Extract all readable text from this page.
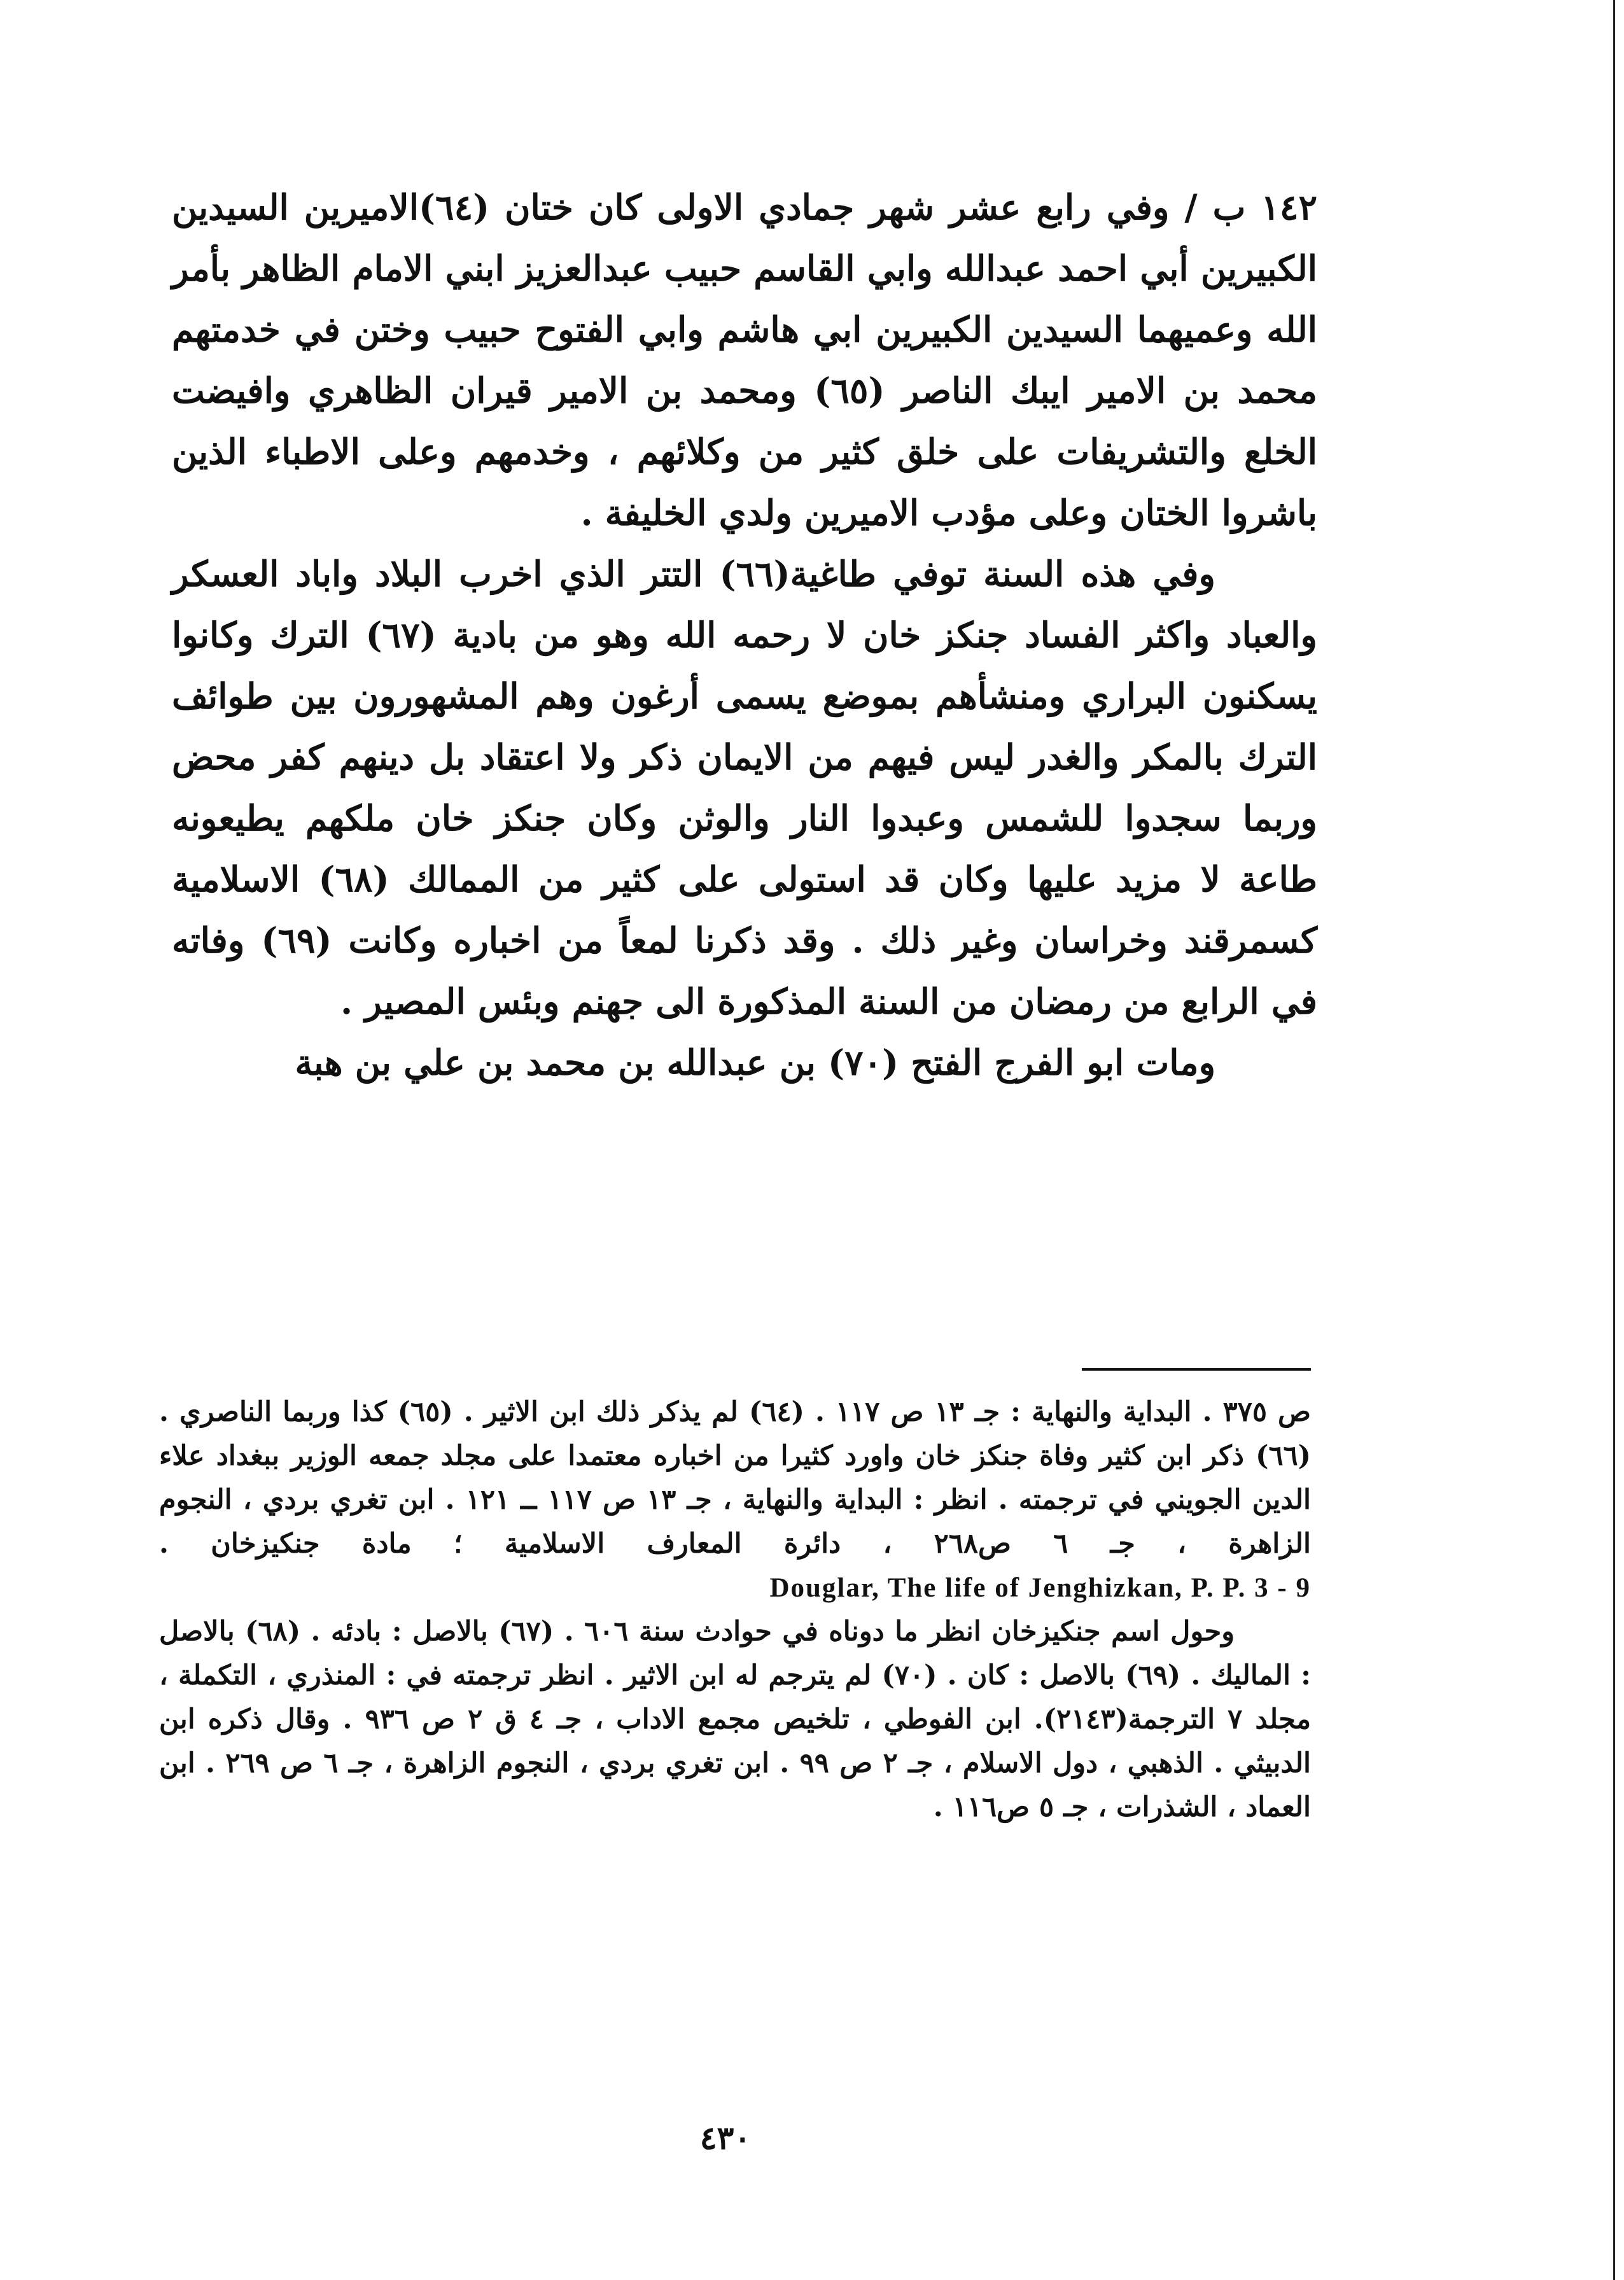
١٤٢ ب / وفي رابع عشر شهر جمادي الاولى كان ختان (٦٤)الاميرين السيدين الكبيرين أبي احمد عبدالله وابي القاسم حبيب عبدالعزيز ابني الامام الظاهر بأمر الله وعميهما السيدين الكبيرين ابي هاشم وابي الفتوح حبيب وختن في خدمتهم محمد بن الامير ايبك الناصر (٦٥) ومحمد بن الامير قيران الظاهري وافيضت الخلع والتشريفات على خلق كثير من وكلائهم ، وخدمهم وعلى الاطباء الذين باشروا الختان وعلى مؤدب الاميرين ولدي الخليفة .

وفي هذه السنة توفي طاغية(٦٦) التتر الذي اخرب البلاد واباد العسكر والعباد واكثر الفساد جنكز خان لا رحمه الله وهو من بادية (٦٧) الترك وكانوا يسكنون البراري ومنشأهم بموضع يسمى أرغون وهم المشهورون بين طوائف الترك بالمكر والغدر ليس فيهم من الايمان ذكر ولا اعتقاد بل دينهم كفر محض وربما سجدوا للشمس وعبدوا النار والوثن وكان جنكز خان ملكهم يطيعونه طاعة لا مزيد عليها وكان قد استولى على كثير من الممالك (٦٨) الاسلامية كسمرقند وخراسان وغير ذلك . وقد ذكرنا لمعاً من اخباره وكانت (٦٩) وفاته في الرابع من رمضان من السنة المذكورة الى جهنم وبئس المصير .

ومات ابو الفرج الفتح (٧٠) بن عبدالله بن محمد بن علي بن هبة

ص ٣٧٥ . البداية والنهاية : جـ ١٣ ص ١١٧ . (٦٤) لم يذكر ذلك ابن الاثير . (٦٥) كذا وربما الناصري . (٦٦) ذكر ابن كثير وفاة جنكز خان واورد كثيرا من اخباره معتمدا على مجلد جمعه الوزير ببغداد علاء الدين الجويني في ترجمته . انظر : البداية والنهاية ، جـ ١٣ ص ١١٧ ــ ١٢١ . ابن تغري بردي ، النجوم الزاهرة ، جـ ٦ ص٢٦٨ ، دائرة المعارف الاسلامية ؛ مادة جنكيزخان . Douglar, The life of Jenghizkan, P. P. 3 - 9

وحول اسم جنكيزخان انظر ما دوناه في حوادث سنة ٦٠٦ . (٦٧) بالاصل : بادئه . (٦٨) بالاصل : الماليك . (٦٩) بالاصل : كان . (٧٠) لم يترجم له ابن الاثير . انظر ترجمته في : المنذري ، التكملة ، مجلد ٧ الترجمة(٢١٤٣). ابن الفوطي ، تلخيص مجمع الاداب ، جـ ٤ ق ٢ ص ٩٣٦ . وقال ذكره ابن الدبيثي . الذهبي ، دول الاسلام ، جـ ٢ ص ٩٩ . ابن تغري بردي ، النجوم الزاهرة ، جـ ٦ ص ٢٦٩ . ابن العماد ، الشذرات ، جـ ٥ ص١١٦ .

٤٣٠
